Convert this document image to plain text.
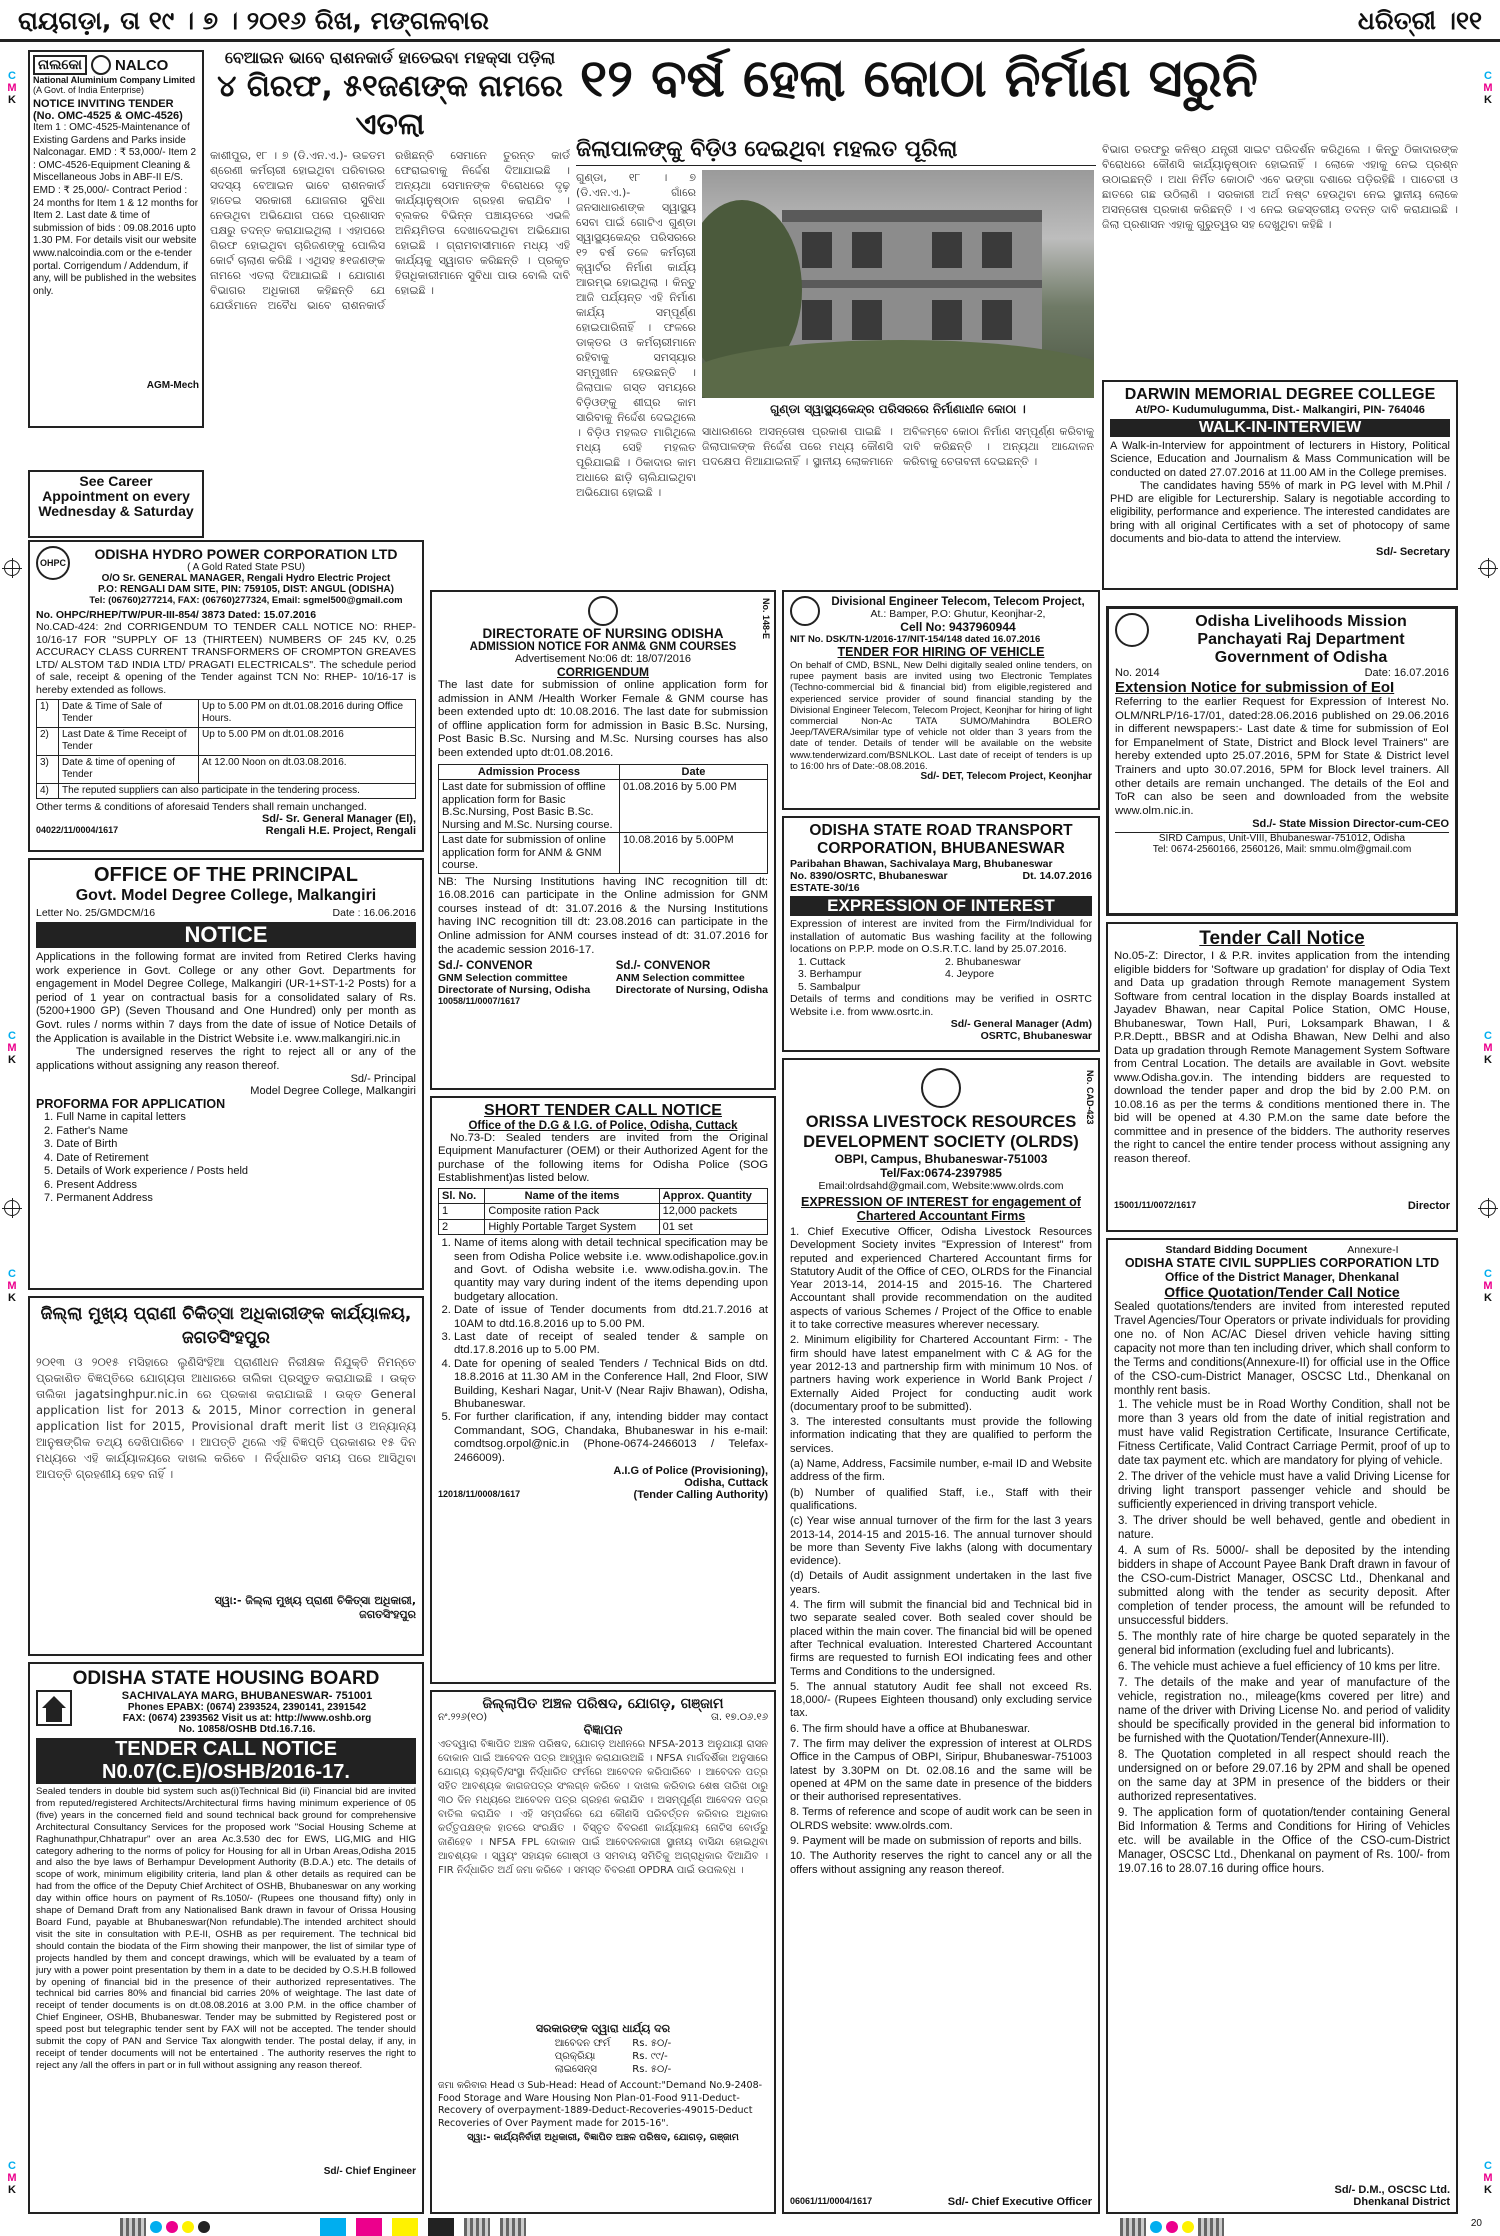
ରାୟଗଡ଼ା, ତା ୧୯ । ୭ । ୨୦୧୬ ରିଖ, ମଙ୍ଗଳବାର	ଧରିତ୍ରୀ ।୧୧
C
M
K
C
M
K
C
M
K
C
M
K
C
M
K
C
M
K
C
M
K
C
M
K
ନାଲକୋ	NALCO
National Aluminium Company Limited
(A Govt. of India Enterprise)
NOTICE INVITING TENDER
(No. OMC-4525 & OMC-4526)
Item 1 : OMC-4525-Maintenance of Existing Gardens and Parks inside Nalconagar. EMD : ₹ 53,000/- Item 2 : OMC-4526-Equipment Cleaning & Miscellaneous Jobs in ABF-II E/S. EMD : ₹ 25,000/- Contract Period : 24 months for Item 1 & 12 months for Item 2. Last date & time of submission of bids : 09.08.2016 upto 1.30 PM. For details visit our website www.nalcoindia.com or the e-tender portal. Corrigendum / Addendum, if any, will be published in the websites only.
AGM-Mech
See Career Appointment on every Wednesday & Saturday
ବେଆଇନ ଭାବେ ରାଶନକାର୍ଡ ହାତେଇବା ମହକ୍ସା ପଡ଼ିଲା
୪ ଗିରଫ, ୫୧ଜଣଙ୍କ ନାମରେ ଏତଲା
କାଶୀପୁର, ୧୮ । ୭ (ଡି.ଏନ.ଏ.)- ଉଚ୍ଚତମ ଶ୍ରେଣୀ କର୍ମଚାରୀ ହୋଇଥିବା ପରିବାରର ସଦସ୍ୟ ବେଆଇନ ଭାବେ ରାଶନକାର୍ଡ ହାତେଇ ସରକାରୀ ଯୋଜନାର ସୁବିଧା ନେଉଥିବା ଅଭିଯୋଗ ପରେ ପ୍ରଶାସନ ପକ୍ଷରୁ ତଦନ୍ତ କରାଯାଇଥିଲା । ଏହାପରେ ଗିରଫ ହୋଇଥିବା ଚାରିଜଣଙ୍କୁ ପୋଲିସ କୋର୍ଟ ଚାଲାଣ କରିଛି । ଏଥିସହ ୫୧ଜଣଙ୍କ ନାମରେ ଏତଲା ଦିଆଯାଇଛି । ଯୋଗାଣ ବିଭାଗର ଅଧିକାରୀ କହିଛନ୍ତି ଯେ ଯେଉଁମାନେ ଅବୈଧ ଭାବେ ରାଶନକାର୍ଡ ରଖିଛନ୍ତି ସେମାନେ ତୁରନ୍ତ କାର୍ଡ ଫେରାଇବାକୁ ନିର୍ଦ୍ଦେଶ ଦିଆଯାଇଛି । ଅନ୍ୟଥା ସେମାନଙ୍କ ବିରୋଧରେ ଦୃଢ଼ କାର୍ଯ୍ୟାନୁଷ୍ଠାନ ଗ୍ରହଣ କରାଯିବ । ବ୍ଲକର ବିଭିନ୍ନ ପଞ୍ଚାୟତରେ ଏଭଳି ଅନିୟମିତତା ଦେଖାଦେଇଥିବା ଅଭିଯୋଗ ହୋଇଛି । ଗ୍ରାମବାସୀମାନେ ମଧ୍ୟ ଏହି କାର୍ଯ୍ୟକୁ ସ୍ୱାଗତ କରିଛନ୍ତି । ପ୍ରକୃତ ହିତାଧିକାରୀମାନେ ସୁବିଧା ପାଉ ବୋଲି ଦାବି ହୋଇଛି ।
OHPC
ODISHA HYDRO POWER CORPORATION LTD
( A Gold Rated State PSU)
O/O Sr. GENERAL MANAGER, Rengali Hydro Electric Project
P.O: RENGALI DAM SITE, PIN: 759105, DIST: ANGUL (ODISHA)
Tel: (06760)277214, FAX: (06760)277324, Email: sgmel500@gmail.com
No. OHPC/RHEP/TW/PUR-III-854/ 3873 Dated: 15.07.2016
No.CAD-424: 2nd CORRIGENDUM TO TENDER CALL NOTICE NO: RHEP- 10/16-17 FOR "SUPPLY OF 13 (THIRTEEN) NUMBERS OF 245 KV, 0.25 ACCURACY CLASS CURRENT TRANSFORMERS OF CROMPTON GREAVES LTD/ ALSTOM T&D INDIA LTD/ PRAGATI ELECTRICALS". The schedule period of sale, receipt & opening of the Tender against TCN No: RHEP- 10/16-17 is hereby extended as follows.
1)	Date & Time of Sale of Tender	Up to 5.00 PM on dt.01.08.2016 during Office Hours.
2)	Last Date & Time Receipt of Tender	Up to 5.00 PM on dt.01.08.2016
3)	Date & time of opening of Tender	At 12.00 Noon on dt.03.08.2016.
4)	The reputed suppliers can also participate in the tendering process.	
Other terms & conditions of aforesaid Tenders shall remain unchanged.
Sd/- Sr. General Manager (El),
04022/11/0004/1617	Rengali H.E. Project, Rengali
OFFICE OF THE PRINCIPAL
Govt. Model Degree College, Malkangiri
Letter No. 25/GMDCM/16	Date : 16.06.2016
NOTICE
Applications in the following format are invited from Retired Clerks having work experience in Govt. College or any other Govt. Departments for engagement in Model Degree College, Malkangiri (UR-1+ST-1-2 Posts) for a period of 1 year on contractual basis for a consolidated salary of Rs. (5200+1900 GP) (Seven Thousand and One Hundred) only per month as Govt. rules / norms within 7 days from the date of issue of Notice Details of the Application is available in the District Website i.e. www.malkangiri.nic.in
The undersigned reserves the right to reject all or any of the applications without assigning any reason thereof.
Sd/- Principal
Model Degree College, Malkangiri
PROFORMA FOR APPLICATION
1. Full Name in capital letters
2. Father's Name
3. Date of Birth
4. Date of Retirement
5. Details of Work experience / Posts held
6. Present Address
7. Permanent Address
ଜିଲ୍ଲା ମୁଖ୍ୟ ପ୍ରାଣୀ ଚିକିତ୍ସା ଅଧିକାରୀଙ୍କ କାର୍ଯ୍ୟାଳୟ, ଜଗତସିଂହପୁର
୨୦୧୩ ଓ ୨୦୧୫ ମସିହାରେ ଲୁଣିସିଂହିଆ ପ୍ରାଣୀଧନ ନିରୀକ୍ଷକ ନିଯୁକ୍ତି ନିମନ୍ତେ ପ୍ରକାଶିତ ବିଜ୍ଞପ୍ତିରେ ଯୋଗ୍ୟତା ଆଧାରରେ ତାଲିକା ପ୍ରସ୍ତୁତ କରାଯାଇଛି । ଉକ୍ତ ତାଲିକା jagatsinghpur.nic.in ରେ ପ୍ରକାଶ କରାଯାଇଛି । ଉକ୍ତ General application list for 2013 & 2015, Minor correction in general application list for 2015, Provisional draft merit list ଓ ଅନ୍ୟାନ୍ୟ ଆନୁଷଙ୍ଗିକ ତଥ୍ୟ ଦେଖିପାରିବେ । ଆପତ୍ତି ଥିଲେ ଏହି ବିଜ୍ଞପ୍ତି ପ୍ରକାଶର ୧୫ ଦିନ ମଧ୍ୟରେ ଏହି କାର୍ଯ୍ୟାଳୟରେ ଦାଖଲ କରିବେ । ନିର୍ଦ୍ଧାରିତ ସମୟ ପରେ ଆସିଥିବା ଆପତ୍ତି ଗ୍ରହଣୀୟ ହେବ ନାହିଁ ।
ସ୍ୱା:- ଜିଲ୍ଲା ମୁଖ୍ୟ ପ୍ରାଣୀ ଚିକିତ୍ସା ଅଧିକାରୀ,
ଜଗତସିଂହପୁର
ODISHA STATE HOUSING BOARD
SACHIVALAYA MARG, BHUBANESWAR- 751001
Phones EPABX: (0674) 2393524, 2390141, 2391542
FAX: (0674) 2393562 Visit us at: http://www.oshb.org
No. 10858/OSHB Dtd.16.7.16.
TENDER CALL NOTICE
N0.07(C.E)/OSHB/2016-17.
Sealed tenders in double bid system such as(i)Technical Bid (ii) Financial bid are invited from reputed/registered Architects/Architectural firms having minimum experience of 05 (five) years in the concerned field and sound technical back ground for comprehensive Architectural Consultancy Services for the proposed work "Social Housing Scheme at Raghunathpur,Chhatrapur" over an area Ac.3.530 dec for EWS, LIG,MIG and HIG category adhering to the norms of policy for Housing for all in Urban Areas,Odisha 2015 and also the bye laws of Berhampur Development Authority (B.D.A.) etc. The details of scope of work, minimum eligibility criteria, land plan & other details as required can be had from the office of the Deputy Chief Architect of OSHB, Bhubaneswar on any working day within office hours on payment of Rs.1050/- (Rupees one thousand fifty) only in shape of Demand Draft from any Nationalised Bank drawn in favour of Orissa Housing Board Fund, payable at Bhubaneswar(Non refundable).The intended architect should visit the site in consultation with P.E-II, OSHB as per requirement. The technical bid should contain the biodata of the Firm showing their manpower, the list of similar type of projects handled by them and concept drawings, which will be evaluated by a team of jury with a power point presentation by them in a date to be decided by O.S.H.B followed by opening of financial bid in the presence of their authorized representatives. The technical bid carries 80% and financial bid carries 20% of weightage. The last date of receipt of tender documents is on dt.08.08.2016 at 3.00 P.M. in the office chamber of Chief Engineer, OSHB, Bhubaneswar. Tender may be submitted by Registered post or speed post but telegraphic tender sent by FAX will not be accepted. The tender should submit the copy of PAN and Service Tax alongwith tender. The postal delay, if any, in receipt of tender documents will not be entertained . The authority reserves the right to reject any /all the offers in part or in full without assigning any reason thereof.
Sd/- Chief Engineer
୧୨ ବର୍ଷ ହେଲା କୋଠା ନିର୍ମାଣ ସରୁନି
ଜିଲାପାଳଙ୍କୁ ବିଡ଼ିଓ ଦେଇଥିବା ମହଲତ ପୂରିଲା
ଗୁଣ୍ଡା, ୧୮ । ୭ (ଡି.ଏନ.ଏ.)- ଗାଁରେ ଜନସାଧାରଣଙ୍କ ସ୍ୱାସ୍ଥ୍ୟ ସେବା ପାଇଁ ଗୋଟିଏ ଗୁଣ୍ଡା ସ୍ୱାସ୍ଥ୍ୟକେନ୍ଦ୍ର ପରିସରରେ ୧୨ ବର୍ଷ ତଳେ କର୍ମଚାରୀ କ୍ୱାର୍ଟର ନିର୍ମାଣ କାର୍ଯ୍ୟ ଆରମ୍ଭ ହୋଇଥିଲା । କିନ୍ତୁ ଆଜି ପର୍ଯ୍ୟନ୍ତ ଏହି ନିର୍ମାଣ କାର୍ଯ୍ୟ ସମ୍ପୂର୍ଣ୍ଣ ହୋଇପାରିନାହିଁ । ଫଳରେ ଡାକ୍ତର ଓ କର୍ମଚାରୀମାନେ ରହିବାକୁ ସମସ୍ୟାର ସମ୍ମୁଖୀନ ହେଉଛନ୍ତି । ଜିଲାପାଳ ଗସ୍ତ ସମୟରେ ବିଡ଼ିଓଙ୍କୁ ଶୀଘ୍ର କାମ ସାରିବାକୁ ନିର୍ଦ୍ଦେଶ ଦେଇଥିଲେ । ବିଡ଼ିଓ ମହଲତ ମାଗିଥିଲେ ମଧ୍ୟ ସେହି ମହଲତ ପୂରିଯାଇଛି । ଠିକାଦାର କାମ ଅଧାରେ ଛାଡ଼ି ଚାଲିଯାଇଥିବା ଅଭିଯୋଗ ହୋଇଛି ।
ଗୁଣ୍ଡା ସ୍ୱାସ୍ଥ୍ୟକେନ୍ଦ୍ର ପରିସରରେ ନିର୍ମାଣାଧୀନ କୋଠା ।
ସାଧାରଣରେ ଅସନ୍ତୋଷ ପ୍ରକାଶ ପାଇଛି । ଜିଲାପାଳଙ୍କ ନିର୍ଦ୍ଦେଶ ପରେ ମଧ୍ୟ କୌଣସି ପଦକ୍ଷେପ ନିଆଯାଇନାହିଁ । ସ୍ଥାନୀୟ ଲୋକମାନେ ଅବିଳମ୍ବେ କୋଠା ନିର୍ମାଣ ସମ୍ପୂର୍ଣ୍ଣ କରିବାକୁ ଦାବି କରିଛନ୍ତି । ଅନ୍ୟଥା ଆନ୍ଦୋଳନ କରିବାକୁ ଚେତାବନୀ ଦେଇଛନ୍ତି ।
ବିଭାଗ ତରଫରୁ କନିଷ୍ଠ ଯନ୍ତ୍ରୀ ସାଇଟ ପରିଦର୍ଶନ କରିଥିଲେ । କିନ୍ତୁ ଠିକାଦାରଙ୍କ ବିରୋଧରେ କୌଣସି କାର୍ଯ୍ୟାନୁଷ୍ଠାନ ହୋଇନାହିଁ । ଲୋକେ ଏହାକୁ ନେଇ ପ୍ରଶ୍ନ ଉଠାଇଛନ୍ତି । ଅଧା ନିର୍ମିତ କୋଠାଟି ଏବେ ଭଙ୍ଗା ଦଶାରେ ପଡ଼ିରହିଛି । ପାଚେରୀ ଓ ଛାତରେ ଗଛ ଉଠିଲାଣି । ସରକାରୀ ଅର୍ଥ ନଷ୍ଟ ହେଉଥିବା ନେଇ ସ୍ଥାନୀୟ ଲୋକେ ଅସନ୍ତୋଷ ପ୍ରକାଶ କରିଛନ୍ତି । ଏ ନେଇ ଉଚ୍ଚସ୍ତରୀୟ ତଦନ୍ତ ଦାବି କରାଯାଇଛି । ଜିଲା ପ୍ରଶାସନ ଏହାକୁ ଗୁରୁତ୍ୱର ସହ ଦେଖୁଥିବା କହିଛି ।
DARWIN MEMORIAL DEGREE COLLEGE
At/PO- Kudumulugumma, Dist.- Malkangiri, PIN- 764046
WALK-IN-INTERVIEW
A Walk-in-Interview for appointment of lecturers in History, Political Science, Education and Journalism & Mass Communication will be conducted on dated 27.07.2016 at 11.00 AM in the College premises.
The candidates having 55% of mark in PG level with M.Phil / PHD are eligible for Lecturership. Salary is negotiable according to eligibility, performance and experience. The interested candidates are bring with all original Certificates with a set of photocopy of same documents and bio-data to attend the interview.
Sd/- Secretary
No. 148-E
DIRECTORATE OF NURSING ODISHA
ADMISSION NOTICE FOR ANM& GNM COURSES
Advertisement No:06 dt: 18/07/2016
CORRIGENDUM
The last date for submission of online application form for admission in ANM /Health Worker Female & GNM course has been extended upto dt: 10.08.2016. The last date for submission of offline application form for admission in Basic B.Sc. Nursing, Post Basic B.Sc. Nursing and M.Sc. Nursing courses has also been extended upto dt:01.08.2016.
Admission Process	Date
Last date for submission of offline application form for Basic B.Sc.Nursing, Post Basic B.Sc. Nursing and M.Sc. Nursing course.	01.08.2016 by 5.00 PM
Last date for submission of online application form for ANM & GNM course.	10.08.2016 by 5.00PM
NB: The Nursing Institutions having INC recognition till dt: 16.08.2016 can participate in the Online admission for GNM courses instead of dt: 31.07.2016 & the Nursing Institutions having INC recognition till dt: 23.08.2016 can participate in the Online admission for ANM courses instead of dt: 31.07.2016 for the academic session 2016-17.
Sd./- CONVENOR
GNM Selection committee
Directorate of Nursing, Odisha
Sd./- CONVENOR
ANM Selection committee
Directorate of Nursing, Odisha
10058/11/0007/1617
SHORT TENDER CALL NOTICE
Office of the D.G & I.G. of Police, Odisha, Cuttack
No.73-D: Sealed tenders are invited from the Original Equipment Manufacturer (OEM) or their Authorized Agent for the purchase of the following items for Odisha Police (SOG Establishment)as listed below.
Sl. No.	Name of the items	Approx. Quantity
1	Composite ration Pack	12,000 packets
2	Highly Portable Target System	01 set
1. Name of items along with detail technical specification may be seen from Odisha Police website i.e. www.odishapolice.gov.in and Govt. of Odisha website i.e. www.odisha.gov.in. The quantity may vary during indent of the items depending upon budgetary allocation.
2. Date of issue of Tender documents from dtd.21.7.2016 at 10AM to dtd.16.8.2016 up to 5.00 PM.
3. Last date of receipt of sealed tender & sample on dtd.17.8.2016 up to 5.00 PM.
4. Date for opening of sealed Tenders / Technical Bids on dtd. 18.8.2016 at 11.30 AM in the Conference Hall, 2nd Floor, SIW Building, Keshari Nagar, Unit-V (Near Rajiv Bhawan), Odisha, Bhubaneswar.
5. For further clarification, if any, intending bidder may contact Commandant, SOG, Chandaka, Bhubaneswar in his e-mail: comdtsog.orpol@nic.in (Phone-0674-2466013 / Telefax-2466009).
A.I.G of Police (Provisioning),
Odisha, Cuttack
12018/11/0008/1617	(Tender Calling Authority)
ଜିଲ୍ଲାପିତ ଅଞ୍ଚଳ ପରିଷଦ, ଯୋଗଡ଼, ଗଞ୍ଜାମ
ନଂ.୨୨୬(୧୦)	ତା. ୧୭.୦୬.୧୬
ବିଜ୍ଞାପନ
ଏତଦ୍ୱାରା ବିଜ୍ଞାପିତ ଅଞ୍ଚଳ ପରିଷଦ, ଯୋଗଡ଼ ଅଧୀନରେ NFSA-2013 ଅନୁଯାୟୀ ରାସନ ଦୋକାନ ପାଇଁ ଆବେଦନ ପତ୍ର ଆହ୍ୱାନ କରାଯାଉଅଛି । NFSA ମାର୍ଗଦର୍ଶିକା ଅନୁସାରେ ଯୋଗ୍ୟ ବ୍ୟକ୍ତି/ସଂସ୍ଥା ନିର୍ଦ୍ଧାରିତ ଫର୍ମରେ ଆବେଦନ କରିପାରିବେ । ଆବେଦନ ପତ୍ର ସହିତ ଆବଶ୍ୟକ କାଗଜପତ୍ର ସଂଲଗ୍ନ କରିବେ । ଦାଖଲ କରିବାର ଶେଷ ତାରିଖ ଠାରୁ ୩୦ ଦିନ ମଧ୍ୟରେ ଆବେଦନ ପତ୍ର ଗ୍ରହଣ କରାଯିବ । ଅସମ୍ପୂର୍ଣ୍ଣ ଆବେଦନ ପତ୍ର ବାତିଲ କରାଯିବ । ଏହି ସମ୍ପର୍କରେ ଯେ କୌଣସି ପରିବର୍ତ୍ତନ କରିବାର ଅଧିକାର କର୍ତ୍ତୃପକ୍ଷଙ୍କ ହାତରେ ସଂରକ୍ଷିତ । ବିସ୍ତୃତ ବିବରଣୀ କାର୍ଯ୍ୟାଳୟ ନୋଟିସ ବୋର୍ଡରୁ ଜାଣିହେବ । NFSA FPL ଦୋକାନ ପାଇଁ ଆବେଦନକାରୀ ସ୍ଥାନୀୟ ବାସିନ୍ଦା ହୋଇଥିବା ଆବଶ୍ୟକ । ସ୍ୱୟଂ ସହାୟକ ଗୋଷ୍ଠୀ ଓ ସମବାୟ ସମିତିକୁ ଅଗ୍ରାଧିକାର ଦିଆଯିବ । FIR ନିର୍ଦ୍ଧାରିତ ଅର୍ଥ ଜମା କରିବେ । ସମସ୍ତ ବିବରଣୀ OPDRA ପାଇଁ ଉପଲବ୍ଧ ।
ସରକାରଙ୍କ ଦ୍ୱାରା ଧାର୍ଯ୍ୟ ଦର
ଆବେଦନ ଫର୍ମ	Rs. ୫୦/-
ପ୍ରକ୍ରିୟା	Rs. ୯୯/-
ଲାଇସେନ୍ସ	Rs. ୫୦/-
ଜମା କରିବାର Head ଓ Sub-Head: Head of Account:"Demand No.9-2408-Food Storage and Ware Housing Non Plan-01-Food 911-Deduct-Recovery of overpayment-1889-Deduct-Recoveries-49015-Deduct Recoveries of Over Payment made for 2015-16".
ସ୍ୱା:- କାର୍ଯ୍ୟନିର୍ବାହୀ ଅଧିକାରୀ, ବିଜ୍ଞାପିତ ଅଞ୍ଚଳ ପରିଷଦ, ଯୋଗଡ଼, ଗଞ୍ଜାମ
Divisional Engineer Telecom, Telecom Project,
At.: Bamper, P.O: Ghutur, Keonjhar-2,
Cell No: 9437960944
NIT No. DSK/TN-1/2016-17/NIT-154/148 dated 16.07.2016
TENDER FOR HIRING OF VEHICLE
On behalf of CMD, BSNL, New Delhi digitally sealed online tenders, on rupee payment basis are invited using two Electronic Templates (Techno-commercial bid & financial bid) from eligible,registered and experienced service provider of sound financial standing by the Divisional Engineer Telecom, Telecom Project, Keonjhar for hiring of light commercial Non-Ac TATA SUMO/Mahindra BOLERO Jeep/TAVERA/similar type of vehicle not older than 3 years from the date of tender. Details of tender will be available on the website www.tenderwizard.com/BSNLKOL. Last date of receipt of tenders is up to 16:00 hrs of Date:-08.08.2016.
Sd/- DET, Telecom Project, Keonjhar
ODISHA STATE ROAD TRANSPORT CORPORATION, BHUBANESWAR
Paribahan Bhawan, Sachivalaya Marg, Bhubaneswar
No. 8390/OSRTC, Bhubaneswar	Dt. 14.07.2016
ESTATE-30/16
EXPRESSION OF INTEREST
Expression of interest are invited from the Firm/Individual for installation of automatic Bus washing facility at the following locations on P.P.P. mode on O.S.R.T.C. land by 25.07.2016.
1. Cuttack	2. Bhubaneswar
3. Berhampur	4. Jeypore
5. Sambalpur
Details of terms and conditions may be verified in OSRTC Website i.e. from www.osrtc.in.
Sd/- General Manager (Adm)
OSRTC, Bhubaneswar
No. CAD-423
ORISSA LIVESTOCK RESOURCES DEVELOPMENT SOCIETY (OLRDS)
OBPI, Campus, Bhubaneswar-751003
Tel/Fax:0674-2397985
Email:olrdsahd@gmail.com, Website:www.olrds.com
EXPRESSION OF INTEREST for engagement of Chartered Accountant Firms

1. Chief Executive Officer, Odisha Livestock Resources Development Society invites "Expression of Interest" from reputed and experienced Chartered Accountant firms for Statutory Audit of the Office of CEO, OLRDS for the Financial Year 2013-14, 2014-15 and 2015-16. The Chartered Accountant shall provide recommendation on the audited aspects of various Schemes / Project of the Office to enable it to take corrective measures wherever necessary.

2. Minimum eligibility for Chartered Accountant Firm: - The firm should have latest empanelment with C & AG for the year 2012-13 and partnership firm with minimum 10 Nos. of partners having work experience in World Bank Project / Externally Aided Project for conducting audit work (documentary proof to be submitted).

3. The interested consultants must provide the following information indicating that they are qualified to perform the services.

(a) Name, Address, Facsimile number, e-mail ID and Website address of the firm.

(b) Number of qualified Staff, i.e., Staff with their qualifications.

(c) Year wise annual turnover of the firm for the last 3 years 2013-14, 2014-15 and 2015-16. The annual turnover should be more than Seventy Five lakhs (along with documentary evidence).

(d) Details of Audit assignment undertaken in the last five years.

4. The firm will submit the financial bid and Technical bid in two separate sealed cover. Both sealed cover should be placed within the main cover. The financial bid will be opened after Technical evaluation. Interested Chartered Accountant firms are requested to furnish EOI indicating fees and other Terms and Conditions to the undersigned.

5. The annual statutory Audit fee shall not exceed Rs. 18,000/- (Rupees Eighteen thousand) only excluding service tax.

6. The firm should have a office at Bhubaneswar.

7. The firm may deliver the expression of interest at OLRDS Office in the Campus of OBPI, Siripur, Bhubaneswar-751003 latest by 3.30PM on Dt. 02.08.16 and the same will be opened at 4PM on the same date in presence of the bidders or their authorised representatives.

8. Terms of reference and scope of audit work can be seen in OLRDS website: www.olrds.com.

9. Payment will be made on submission of reports and bills.

10. The Authority reserves the right to cancel any or all the offers without assigning any reason thereof.

06061/11/0004/1617	Sd/- Chief Executive Officer
Odisha Livelihoods Mission
Panchayati Raj Department
Government of Odisha
No. 2014	Date: 16.07.2016
Extension Notice for submission of EoI
Referring to the earlier Request for Expression of Interest No. OLM/NRLP/16-17/01, dated:28.06.2016 published on 29.06.2016 in different newspapers:- Last date & time for submission of EoI for Empanelment of State, District and Block level Trainers" are hereby extended upto 25.07.2016, 5PM for State & District level Trainers and upto 30.07.2016, 5PM for Block level trainers. All other details are remain unchanged. The details of the EoI and ToR can also be seen and downloaded from the website www.olm.nic.in.
Sd./- State Mission Director-cum-CEO
SIRD Campus, Unit-VIII, Bhubaneswar-751012, Odisha
Tel: 0674-2560166, 2560126, Mail: smmu.olm@gmail.com
Tender Call Notice
No.05-Z: Director, I & P.R. invites application from the intending eligible bidders for 'Software up gradation' for display of Odia Text and Data up gradation through Remote management System Software from central location in the display Boards installed at Jayadev Bhawan, near Capital Police Station, OMC House, Bhubaneswar, Town Hall, Puri, Loksampark Bhawan, I & P.R.Deptt., BBSR and at Odisha Bhawan, New Delhi and also Data up gradation through Remote Management System Software from Central Location. The details are available in Govt. website www.Odisha.gov.in. The intending bidders are requested to download the tender paper and drop the bid by 2.00 P.M. on 10.08.16 as per the terms & conditions mentioned there in. The bid will be opened at 4.30 P.M.on the same date before the committee and in presence of the bidders. The authority reserves the right to cancel the entire tender process without assigning any reason thereof.
15001/11/0072/1617	Director
Standard Bidding Document	Annexure-I
ODISHA STATE CIVIL SUPPLIES CORPORATION LTD
Office of the District Manager, Dhenkanal
Office Quotation/Tender Call Notice
Sealed quotations/tenders are invited from interested reputed Travel Agencies/Tour Operators or private individuals for providing one no. of Non AC/AC Diesel driven vehicle having sitting capacity not more than ten including driver, which shall conform to the Terms and conditions(Annexure-II) for official use in the Office of the CSO-cum-District Manager, OSCSC Ltd., Dhenkanal on monthly rent basis.

1. The vehicle must be in Road Worthy Condition, shall not be more than 3 years old from the date of initial registration and must have valid Registration Certificate, Insurance Certificate, Fitness Certificate, Valid Contract Carriage Permit, proof of up to date tax payment etc. which are mandatory for plying of vehicle.

2. The driver of the vehicle must have a valid Driving License for driving light transport passenger vehicle and should be sufficiently experienced in driving transport vehicle.

3. The driver should be well behaved, gentle and obedient in nature.

4. A sum of Rs. 5000/- shall be deposited by the intending bidders in shape of Account Payee Bank Draft drawn in favour of the CSO-cum-District Manager, OSCSC Ltd., Dhenkanal and submitted along with the tender as security deposit. After completion of tender process, the amount will be refunded to unsuccessful bidders.

5. The monthly rate of hire charge be quoted separately in the general bid information (excluding fuel and lubricants).

6. The vehicle must achieve a fuel efficiency of 10 kms per litre.

7. The details of the make and year of manufacture of the vehicle, registration no., mileage(kms covered per litre) and name of the driver with Driving License No. and period of validity should be specifically provided in the general bid information to be furnished with the Quotation/Tender(Annexure-III).

8. The Quotation completed in all respect should reach the undersigned on or before 29.07.16 by 2PM and shall be opened on the same day at 3PM in presence of the bidders or their authorized representatives.

9. The application form of quotation/tender containing General Bid Information & Terms and Conditions for Hiring of Vehicles etc. will be available in the Office of the CSO-cum-District Manager, OSCSC Ltd., Dhenkanal on payment of Rs. 100/- from 19.07.16 to 28.07.16 during office hours.

Sd/- D.M., OSCSC Ltd.
Dhenkanal District
20
